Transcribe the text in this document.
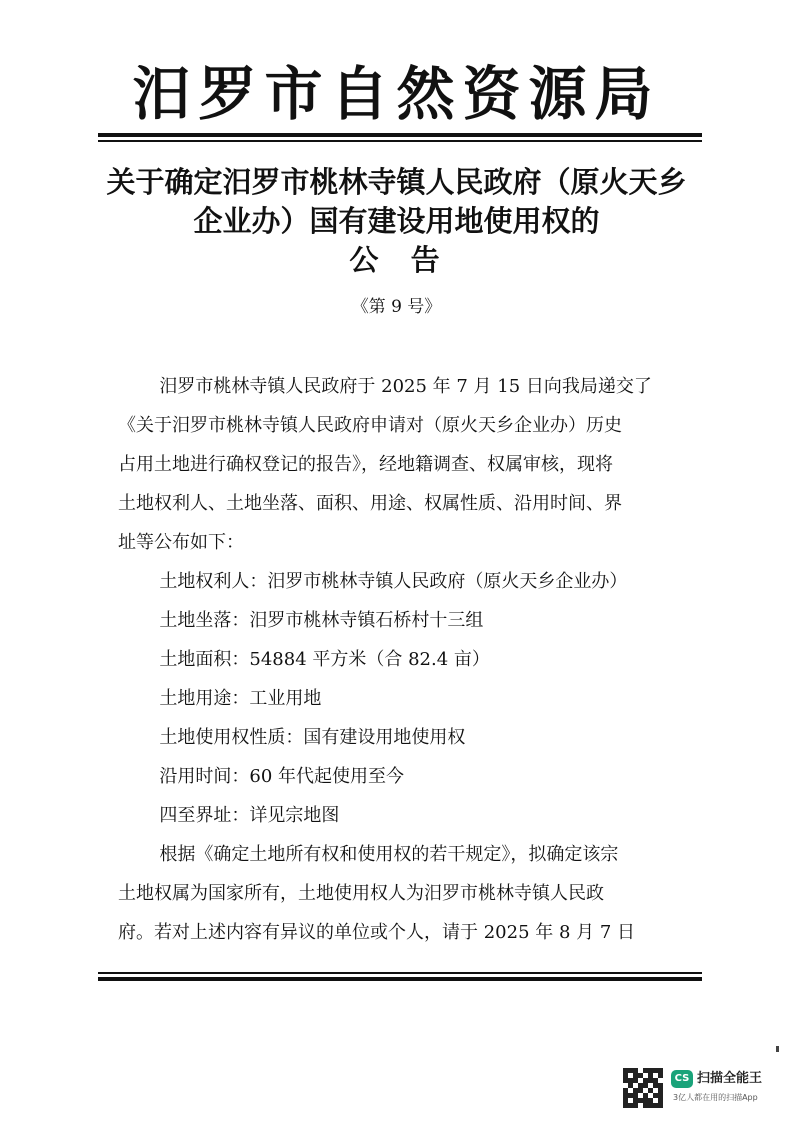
汨罗市自然资源局
关于确定汨罗市桃林寺镇人民政府（原火天乡
企业办）国有建设用地使用权的
公  告
《第 9 号》

汨罗市桃林寺镇人民政府于 2025 年 7 月 15 日向我局递交了

《关于汨罗市桃林寺镇人民政府申请对（原火天乡企业办）历史

占用土地进行确权登记的报告》，经地籍调查、权属审核，现将

土地权利人、土地坐落、面积、用途、权属性质、沿用时间、界

址等公布如下：

土地权利人：汨罗市桃林寺镇人民政府（原火天乡企业办）

土地坐落：汨罗市桃林寺镇石桥村十三组

土地面积：54884 平方米（合 82.4 亩）

土地用途：工业用地

土地使用权性质：国有建设用地使用权

沿用时间：60 年代起使用至今

四至界址：详见宗地图

根据《确定土地所有权和使用权的若干规定》，拟确定该宗

土地权属为国家所有，土地使用权人为汨罗市桃林寺镇人民政

府。若对上述内容有异议的单位或个人，请于 2025 年 8 月 7 日

CS 扫描全能王
3亿人都在用的扫描App
